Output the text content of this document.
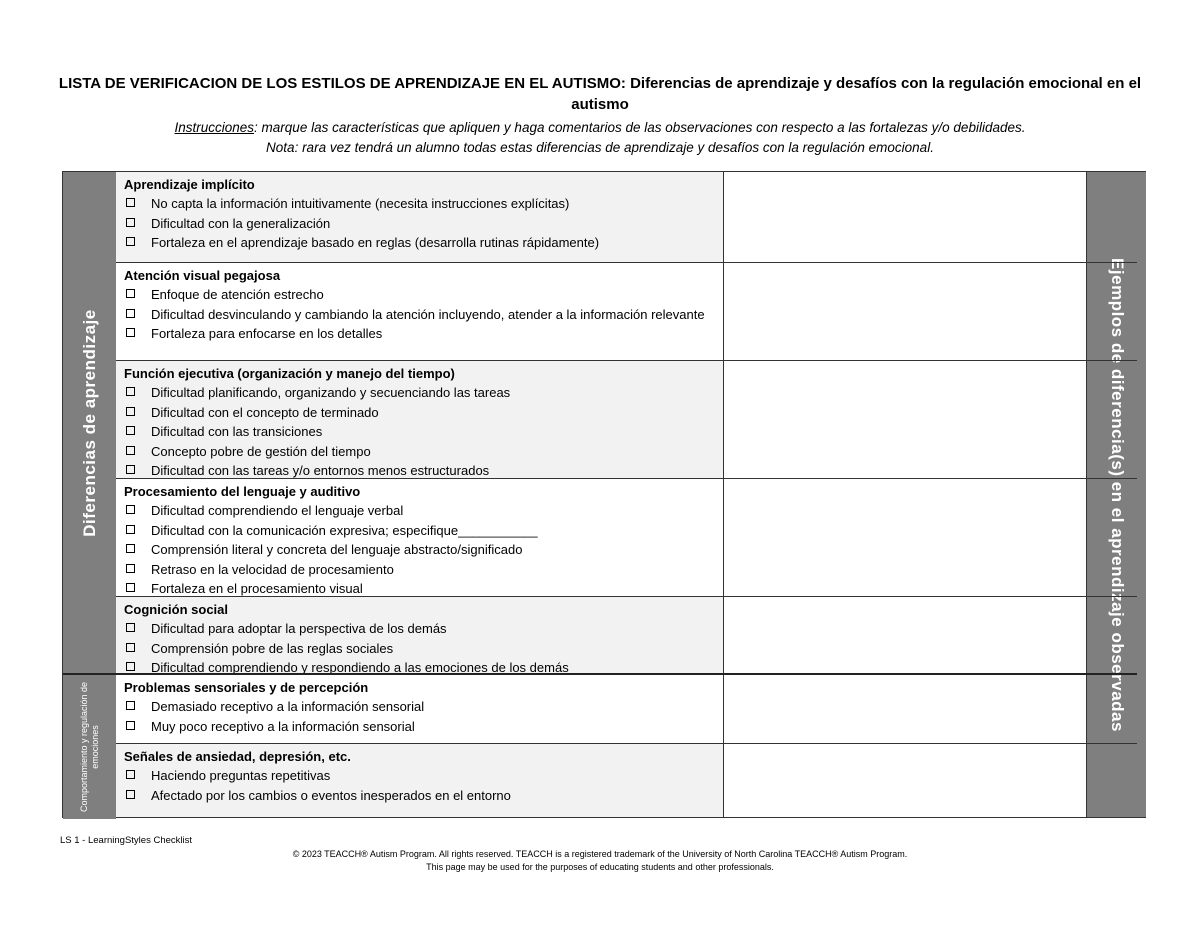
LISTA DE VERIFICACION DE LOS ESTILOS DE APRENDIZAJE EN EL AUTISMO: Diferencias de aprendizaje y desafíos con la regulación emocional en el autismo
Instrucciones: marque las características que apliquen y haga comentarios de las observaciones con respecto a las fortalezas y/o debilidades.
Nota: rara vez tendrá un alumno todas estas diferencias de aprendizaje y desafíos con la regulación emocional.
Diferencias de aprendizaje
Comportamiento y regulación de emociones
Ejemplos de diferencia(s) en el aprendizaje observadas
Aprendizaje implícito
No capta la información intuitivamente (necesita instrucciones explícitas)
Dificultad con la generalización
Fortaleza en el aprendizaje basado en reglas (desarrolla rutinas rápidamente)
Atención visual pegajosa
Enfoque de atención estrecho
Dificultad desvinculando y cambiando la atención incluyendo, atender a la información relevante
Fortaleza para enfocarse en los detalles
Función ejecutiva (organización y manejo del tiempo)
Dificultad planificando, organizando y secuenciando las tareas
Dificultad con el concepto de terminado
Dificultad con las transiciones
Concepto pobre de gestión del tiempo
Dificultad con las tareas y/o entornos menos estructurados
Procesamiento del lenguaje y auditivo
Dificultad comprendiendo el lenguaje verbal
Dificultad con la comunicación expresiva; especifique___________
Comprensión literal y concreta del lenguaje abstracto/significado
Retraso en la velocidad de procesamiento
Fortaleza en el procesamiento visual
Cognición social
Dificultad para adoptar la perspectiva de los demás
Comprensión pobre de las reglas sociales
Dificultad comprendiendo y respondiendo a las emociones de los demás
Problemas sensoriales y de percepción
Demasiado receptivo a la información sensorial
Muy poco receptivo a la información sensorial
Señales de ansiedad, depresión, etc.
Haciendo preguntas repetitivas
Afectado por los cambios o eventos inesperados en el entorno
LS 1 - LearningStyles Checklist
© 2023 TEACCH® Autism Program. All rights reserved. TEACCH is a registered trademark of the University of North Carolina TEACCH® Autism Program.
This page may be used for the purposes of educating students and other professionals.
